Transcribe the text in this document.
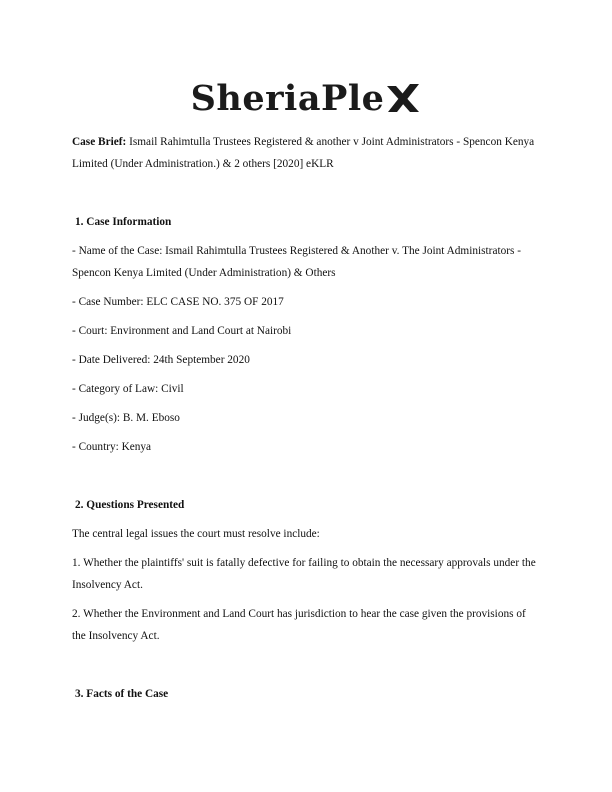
SheriaPle

Case Brief: Ismail Rahimtulla Trustees Registered & another v Joint Administrators - Spencon Kenya Limited (Under Administration.) & 2 others [2020] eKLR

1. Case Information

- Name of the Case: Ismail Rahimtulla Trustees Registered & Another v. The Joint Administrators - Spencon Kenya Limited (Under Administration) & Others

- Case Number: ELC CASE NO. 375 OF 2017

- Court: Environment and Land Court at Nairobi

- Date Delivered: 24th September 2020

- Category of Law: Civil

- Judge(s): B. M. Eboso

- Country: Kenya

2. Questions Presented

The central legal issues the court must resolve include:

1. Whether the plaintiffs' suit is fatally defective for failing to obtain the necessary approvals under the Insolvency Act.

2. Whether the Environment and Land Court has jurisdiction to hear the case given the provisions of the Insolvency Act.

3. Facts of the Case
